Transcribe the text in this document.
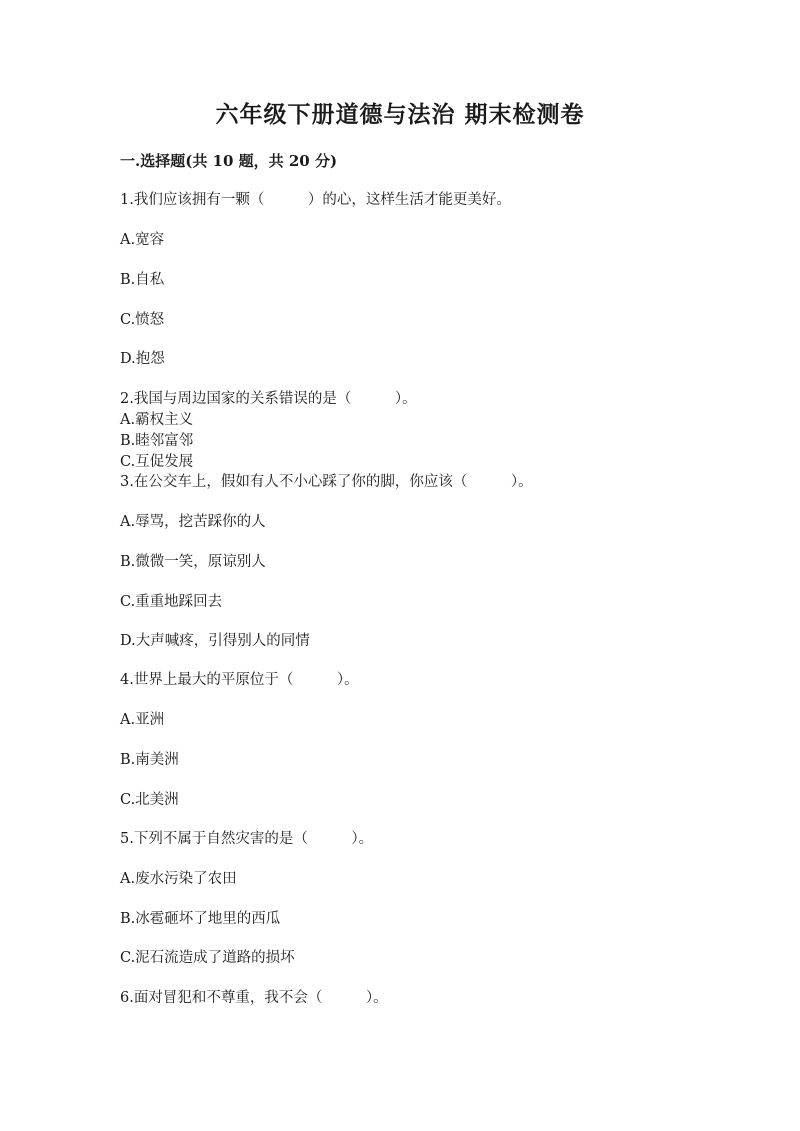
六年级下册道德与法治 期末检测卷
一.选择题(共 10 题，共 20 分)
1.我们应该拥有一颗（　　　）的心，这样生活才能更美好。
A.宽容
B.自私
C.愤怒
D.抱怨
2.我国与周边国家的关系错误的是（　　　）。
A.霸权主义
B.睦邻富邻
C.互促发展
3.在公交车上，假如有人不小心踩了你的脚，你应该（　　　）。
A.辱骂，挖苦踩你的人
B.微微一笑，原谅别人
C.重重地踩回去
D.大声喊疼，引得别人的同情
4.世界上最大的平原位于（　　　）。
A.亚洲
B.南美洲
C.北美洲
5.下列不属于自然灾害的是（　　　）。
A.废水污染了农田
B.冰雹砸坏了地里的西瓜
C.泥石流造成了道路的损坏
6.面对冒犯和不尊重，我不会（　　　）。
